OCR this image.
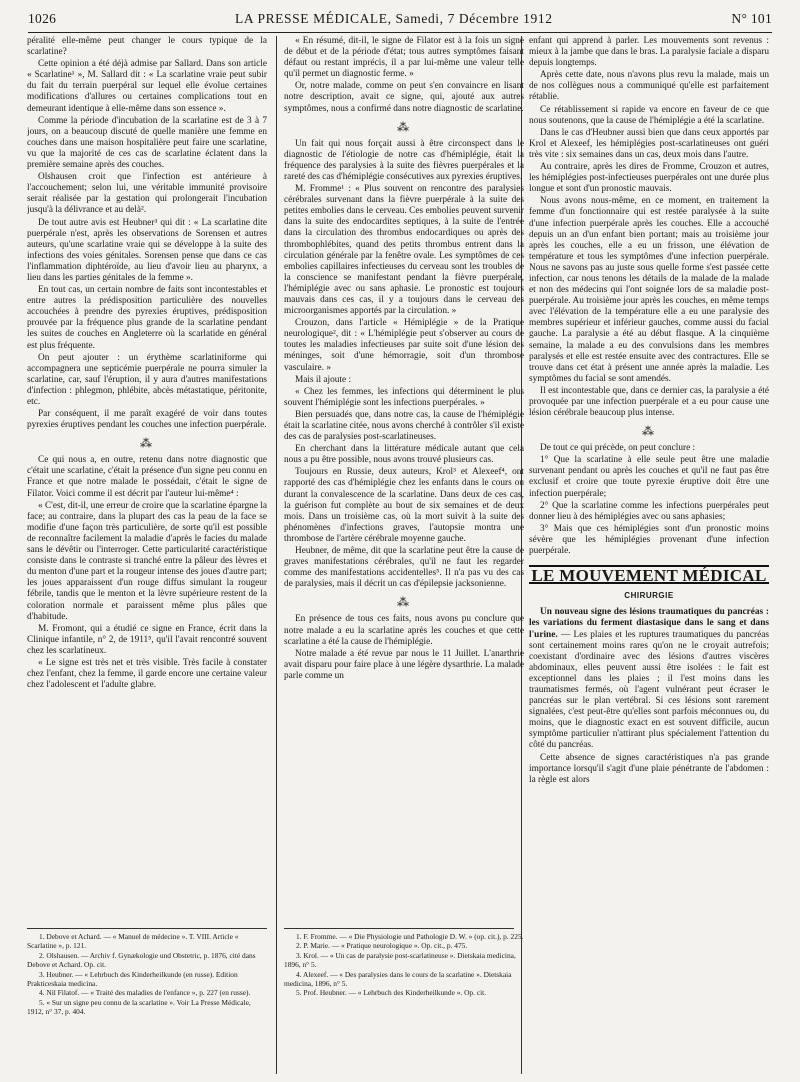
1026	LA PRESSE MÉDICALE, Samedi, 7 Décembre 1912	N° 101

péralité elle-même peut changer le cours typique de la scarlatine?

Cette opinion a été déjà admise par Sallard. Dans son article « Scarlatine¹ », M. Sallard dit : « La scarlatine vraie peut subir du fait du terrain puerpéral sur lequel elle évolue certaines modifications d'allures ou certaines complications tout en demeurant identique à elle-même dans son essence ».

Comme la période d'incubation de la scarlatine est de 3 à 7 jours, on a beaucoup discuté de quelle manière une femme en couches dans une maison hospitalière peut faire une scarlatine, vu que la majorité de ces cas de scarlatine éclatent dans la première semaine après des couches.

Olshausen croit que l'infection est antérieure à l'accouchement; selon lui, une véritable immunité provisoire serait réalisée par la gestation qui prolongerait l'incubation jusqu'à la délivrance et au delà².

De tout autre avis est Heubner³ qui dit : « La scarlatine dite puerpérale n'est, après les observations de Sorensen et autres auteurs, qu'une scarlatine vraie qui se développe à la suite des infections des voies génitales. Sorensen pense que dans ce cas l'inflammation diphtéroïde, au lieu d'avoir lieu au pharynx, a lieu dans les parties génitales de la femme ».

En tout cas, un certain nombre de faits sont incontestables et entre autres la prédisposition particulière des nouvelles accouchées à prendre des pyrexies éruptives, prédisposition prouvée par la fréquence plus grande de la scarlatine pendant les suites de couches en Angleterre où la scarlatide en général est plus fréquente.

On peut ajouter : un érythème scarlatiniforme qui accompagnera une septicémie puerpérale ne pourra simuler la scarlatine, car, sauf l'éruption, il y aura d'autres manifestations d'infection : phlegmon, phlébite, abcès métastatique, péritonite, etc.

Par conséquent, il me paraît exagéré de voir dans toutes pyrexies éruptives pendant les couches une infection puerpérale.

⁂

Ce qui nous a, en outre, retenu dans notre diagnostic que c'était une scarlatine, c'était la présence d'un signe peu connu en France et que notre malade le possédait, c'était le signe de Filator. Voici comme il est décrit par l'auteur lui-même⁴ :

« C'est, dit-il, une erreur de croire que la scarlatine épargne la face; au contraire, dans la plupart des cas la peau de la face se modifie d'une façon très particulière, de sorte qu'il est possible de reconnaître facilement la maladie d'après le facies du malade sans le dévêtir ou l'interroger. Cette particularité caractéristique consiste dans le contraste si tranché entre la pâleur des lèvres et du menton d'une part et la rougeur intense des joues d'autre part; les joues apparaissent d'un rouge diffus simulant la rougeur fébrile, tandis que le menton et la lèvre supérieure restent de la coloration normale et paraissent même plus pâles que d'habitude.

M. Fromont, qui a étudié ce signe en France, écrit dans la Clinique infantile, n° 2, de 1911⁵, qu'il l'avait rencontré souvent chez les scarlatineux.

« Le signe est très net et très visible. Très facile à constater chez l'enfant, chez la femme, il garde encore une certaine valeur chez l'adolescent et l'adulte glabre.

« En résumé, dit-il, le signe de Filator est à la fois un signe de début et de la période d'état; tous autres symptômes faisant défaut ou restant imprécis, il a par lui-même une valeur telle qu'il permet un diagnostic ferme. »

Or, notre malade, comme on peut s'en convaincre en lisant notre description, avait ce signe, qui, ajouté aux autres symptômes, nous a confirmé dans notre diagnostic de scarlatine.

⁂

Un fait qui nous forçait aussi à être circonspect dans le diagnostic de l'étiologie de notre cas d'hémiplégie, était la fréquence des paralysies à la suite des fièvres puerpérales et la rareté des cas d'hémiplégie consécutives aux pyrexies éruptives.

M. Fromme¹ : « Plus souvent on rencontre des paralysies cérébrales survenant dans la fièvre puerpérale à la suite des petites embolies dans le cerveau. Ces embolies peuvent survenir dans la suite des endocardites septiques, à la suite de l'entrée dans la circulation des thrombus endocardiques ou après des thrombophlébites, quand des petits thrombus entrent dans la circulation générale par la fenêtre ovale. Les symptômes de ces embolies capillaires infectieuses du cerveau sont les troubles de la conscience se manifestant pendant la fièvre puerpérale, l'hémiplégie avec ou sans aphasie. Le pronostic est toujours mauvais dans ces cas, il y a toujours dans le cerveau des microorganismes apportés par la circulation. »

Crouzon, dans l'article « Hémiplégie » de la Pratique neurologique², dit : « L'hémiplégie peut s'observer au cours de toutes les maladies infectieuses par suite soit d'une lésion des méninges, soit d'une hémorragie, soit d'un thrombose vasculaire. »

Mais il ajoute :

« Chez les femmes, les infections qui déterminent le plus souvent l'hémiplégie sont les infections puerpérales. »

Bien persuadés que, dans notre cas, la cause de l'hémiplégie était la scarlatine citée, nous avons cherché à contrôler s'il existe des cas de paralysies post-scarlatineuses.

En cherchant dans la littérature médicale autant que cela nous a pu être possible, nous avons trouvé plusieurs cas.

Toujours en Russie, deux auteurs, Krol³ et Alexeef⁴, ont rapporté des cas d'hémiplégie chez les enfants dans le cours ou durant la convalescence de la scarlatine. Dans deux de ces cas, la guérison fut complète au bout de six semaines et de deux mois. Dans un troisième cas, où la mort suivit à la suite des phénomènes d'infections graves, l'autopsie montra une thrombose de l'artère cérébrale moyenne gauche.

Heubner, de même, dit que la scarlatine peut être la cause de graves manifestations cérébrales, qu'il ne faut les regarder comme des manifestations accidentelles⁵. Il n'a pas vu des cas de paralysies, mais il décrit un cas d'épilepsie jacksonienne.

⁂

En présence de tous ces faits, nous avons pu conclure que notre malade a eu la scarlatine après les couches et que cette scarlatine a été la cause de l'hémiplégie.

Notre malade a été revue par nous le 11 Juillet. L'anarthrie avait disparu pour faire place à une légère dysarthrie. La malade parle comme un

enfant qui apprend à parler. Les mouvements sont revenus : mieux à la jambe que dans le bras. La paralysie faciale a disparu depuis longtemps.

Après cette date, nous n'avons plus revu la malade, mais un de nos collègues nous a communiqué qu'elle est parfaitement rétablie.

Ce rétablissement si rapide va encore en faveur de ce que nous soutenons, que la cause de l'hémiplégie a été la scarlatine.

Dans le cas d'Heubner aussi bien que dans ceux apportés par Krol et Alexeef, les hémiplégies post-scarlatineuses ont guéri très vite : six semaines dans un cas, deux mois dans l'autre.

Au contraire, après les dires de Fromme, Crouzon et autres, les hémiplégies post-infectieuses puerpérales ont une durée plus longue et sont d'un pronostic mauvais.

Nous avons nous-même, en ce moment, en traitement la femme d'un fonctionnaire qui est restée paralysée à la suite d'une infection puerpérale après les couches. Elle a accouché depuis un an d'un enfant bien portant; mais au troisième jour après les couches, elle a eu un frisson, une élévation de température et tous les symptômes d'une infection puerpérale. Nous ne savons pas au juste sous quelle forme s'est passée cette infection, car nous tenons les détails de la malade de la malade et non des médecins qui l'ont soignée lors de sa maladie post-puerpérale. Au troisième jour après les couches, en même temps avec l'élévation de la température elle a eu une paralysie des membres supérieur et inférieur gauches, comme aussi du facial gauche. La paralysie a été au début flasque. A la cinquième semaine, la malade a eu des convulsions dans les membres paralysés et elle est restée ensuite avec des contractures. Elle se trouve dans cet état à présent une année après la maladie. Les symptômes du facial se sont amendés.

Il est incontestable que, dans ce dernier cas, la paralysie a été provoquée par une infection puerpérale et a eu pour cause une lésion cérébrale beaucoup plus intense.

⁂

De tout ce qui précède, on peut conclure :

1° Que la scarlatine à elle seule peut être une maladie survenant pendant ou après les couches et qu'il ne faut pas être exclusif et croire que toute pyrexie éruptive doit être une infection puerpérale;

2° Que la scarlatine comme les infections puerpérales peut donner lieu à des hémiplégies avec ou sans aphasies;

3° Mais que ces hémiplégies sont d'un pronostic moins sévère que les hémiplégies provenant d'une infection puerpérale.

LE MOUVEMENT MÉDICAL
CHIRURGIE

Un nouveau signe des lésions traumatiques du pancréas : les variations du ferment diastasique dans le sang et dans l'urine. — Les plaies et les ruptures traumatiques du pancréas sont certainement moins rares qu'on ne le croyait autrefois; coexistant d'ordinaire avec des lésions d'autres viscères abdominaux, elles peuvent aussi être isolées : le fait est exceptionnel dans les plaies ; il l'est moins dans les traumatismes fermés, où l'agent vulnérant peut écraser le pancréas sur le plan vertébral. Si ces lésions sont rarement signalées, c'est peut-être qu'elles sont parfois méconnues ou, du moins, que le diagnostic exact en est souvent difficile, aucun symptôme particulier n'attirant plus spécialement l'attention du côté du pancréas.

Cette absence de signes caractéristiques n'a pas grande importance lorsqu'il s'agit d'une plaie pénétrante de l'abdomen : la règle est alors

1. Debove et Achard. — « Manuel de médecine ». T. VIII. Article « Scarlatine », p. 121.
2. Olshausen. — Archiv f. Gynækologie und Obstetric, p. 1876, cité dans Debove et Achard. Op. cit.
3. Heubner. — « Lehrbuch des Kinderheilkunde (en russe). Edition Prakticeskaia medicina.
4. Nil Filatof. — « Traité des maladies de l'enfance », p. 227 (en russe).
5. « Sur un signe peu connu de la scarlatine ». Voir La Presse Médicale, 1912, n° 37, p. 404.
1. F. Fromme. — « Die Physiologie und Pathologie D. W. » (op. cit.), p. 225.
2. P. Marie. — « Pratique neurologique ». Op. cit., p. 475.
3. Krol. — « Un cas de paralysie post-scarlatineuse ». Dietskaia medicina, 1896, n° 5.
4. Alexeef. — « Des paralysies dans le cours de la scarlatine ». Dietskaia medicina, 1896, n° 5.
5. Prof. Heubner. — « Lehrbuch des Kinderheilkunde ». Op. cit.
